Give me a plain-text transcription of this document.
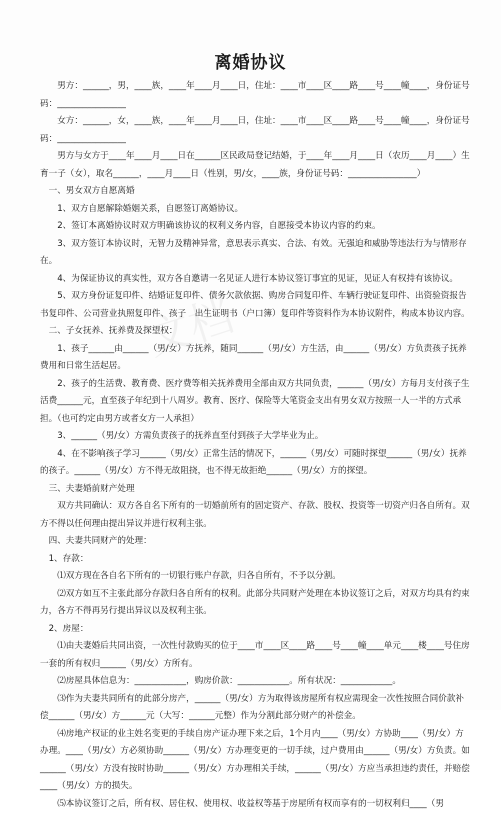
文档
离婚协议

男方：______，男，____族，____年____月____日，住址：____市____区____路____号____幢____，身份证号码：________________

女方：______，女，____族，____年____月____日，住址：____市____区____路____号____幢____，身份证号码：________________

男方与女方于____年____月____日在______区民政局登记结婚，于____年____月____日（农历____月____）生育一子（女），取名______，____月____日（性别，男/女，____族，身份证号码：________________）

一、男女双方自愿离婚

1、双方自愿解除婚姻关系，自愿签订离婚协议。

2、签订本离婚协议时双方明确该协议的权利义务内容，自愿接受本协议内容的约束。

3、双方签订本协议时，无智力及精神异常，意思表示真实、合法、有效。无强迫和威胁等违法行为与情形存在。

4、为保证协议的真实性，双方各自邀请一名见证人进行本协议签订事宜的见证，见证人有权持有该协议。

5、双方身份证复印件、结婚证复印件、债务欠款依据、购房合同复印件、车辆行驶证复印件、出资验资报告书复印件、公司营业执照复印件、孩子　出生证明书（户口簿）复印件等资料作为本协议附件，构成本协议内容。

二、子女抚养、抚养费及探望权：

1、孩子______由______（男/女）方抚养，随同______（男/女）方生活，由______（男/女）方负责孩子抚养费用和日常生活起居。

2、孩子的生活费、教育费、医疗费等相关抚养费用全部由双方共同负责，______（男/女）方每月支付孩子生活费______元，直至孩子年纪到十八周岁。教育、医疗、保险等大笔资金支出有男女双方按照一人一半的方式承担。（也可约定由男方或者女方一人承担）

3、______（男/女）方需负责孩子的抚养直至付到孩子大学毕业为止。

4、在不影响孩子学习______（男/女）正常生活的情况下，______（男/女）可随时探望______（男/女）抚养的孩子。______（男/女）方不得无故阻挠，也不得无故拒绝______（男/女）方的探望。

三、夫妻婚前财产处理

双方共同确认：双方各自名下所有的一切婚前所有的固定资产、存款、股权、投资等一切资产归各自所有。双方不得以任何理由提出异议并进行权利主张。

四、夫妻共同财产的处理：

1、存款：

⑴双方现在各自名下所有的一切银行账户存款，归各自所有，不予以分割。

⑵双方如互不主张此部分存款归各自所有的权利。此部分共同财产处理在本协议签订之后，对双方均具有约束力，各方不得再另行提出异议以及权利主张。

2、房屋：

⑴由夫妻婚后共同出资，一次性付款购买的位于____市____区____路____号____幢____单元____楼____号住房一套的所有权归______（男/女）方所有。

⑵房屋具体信息为：____________，购房价款：____________。所有状况：____________。

⑶作为夫妻共同所有的此部分房产，______（男/女）方为取得该房屋所有权应需现金一次性按照合同价款补偿______（男/女）方______元（大写：______元整）作为分割此部分财产的补偿金。

⑷房地产权证的业主姓名变更的手续自房产证办理下来之后，1个月内____（男/女）方协助____（男/女）方办理。____（男/女）方必须协助______（男/女）方办理变更的一切手续，过户费用由______（男/女）方负责。如______（男/女）方没有按时协助______（男/女）方办理相关手续，______（男/女）方应当承担违约责任，并赔偿____（男/女）方的损失。

⑸本协议签订之后，所有权、居住权、使用权、收益权等基于房屋所有权而享有的一切权利归____（男
